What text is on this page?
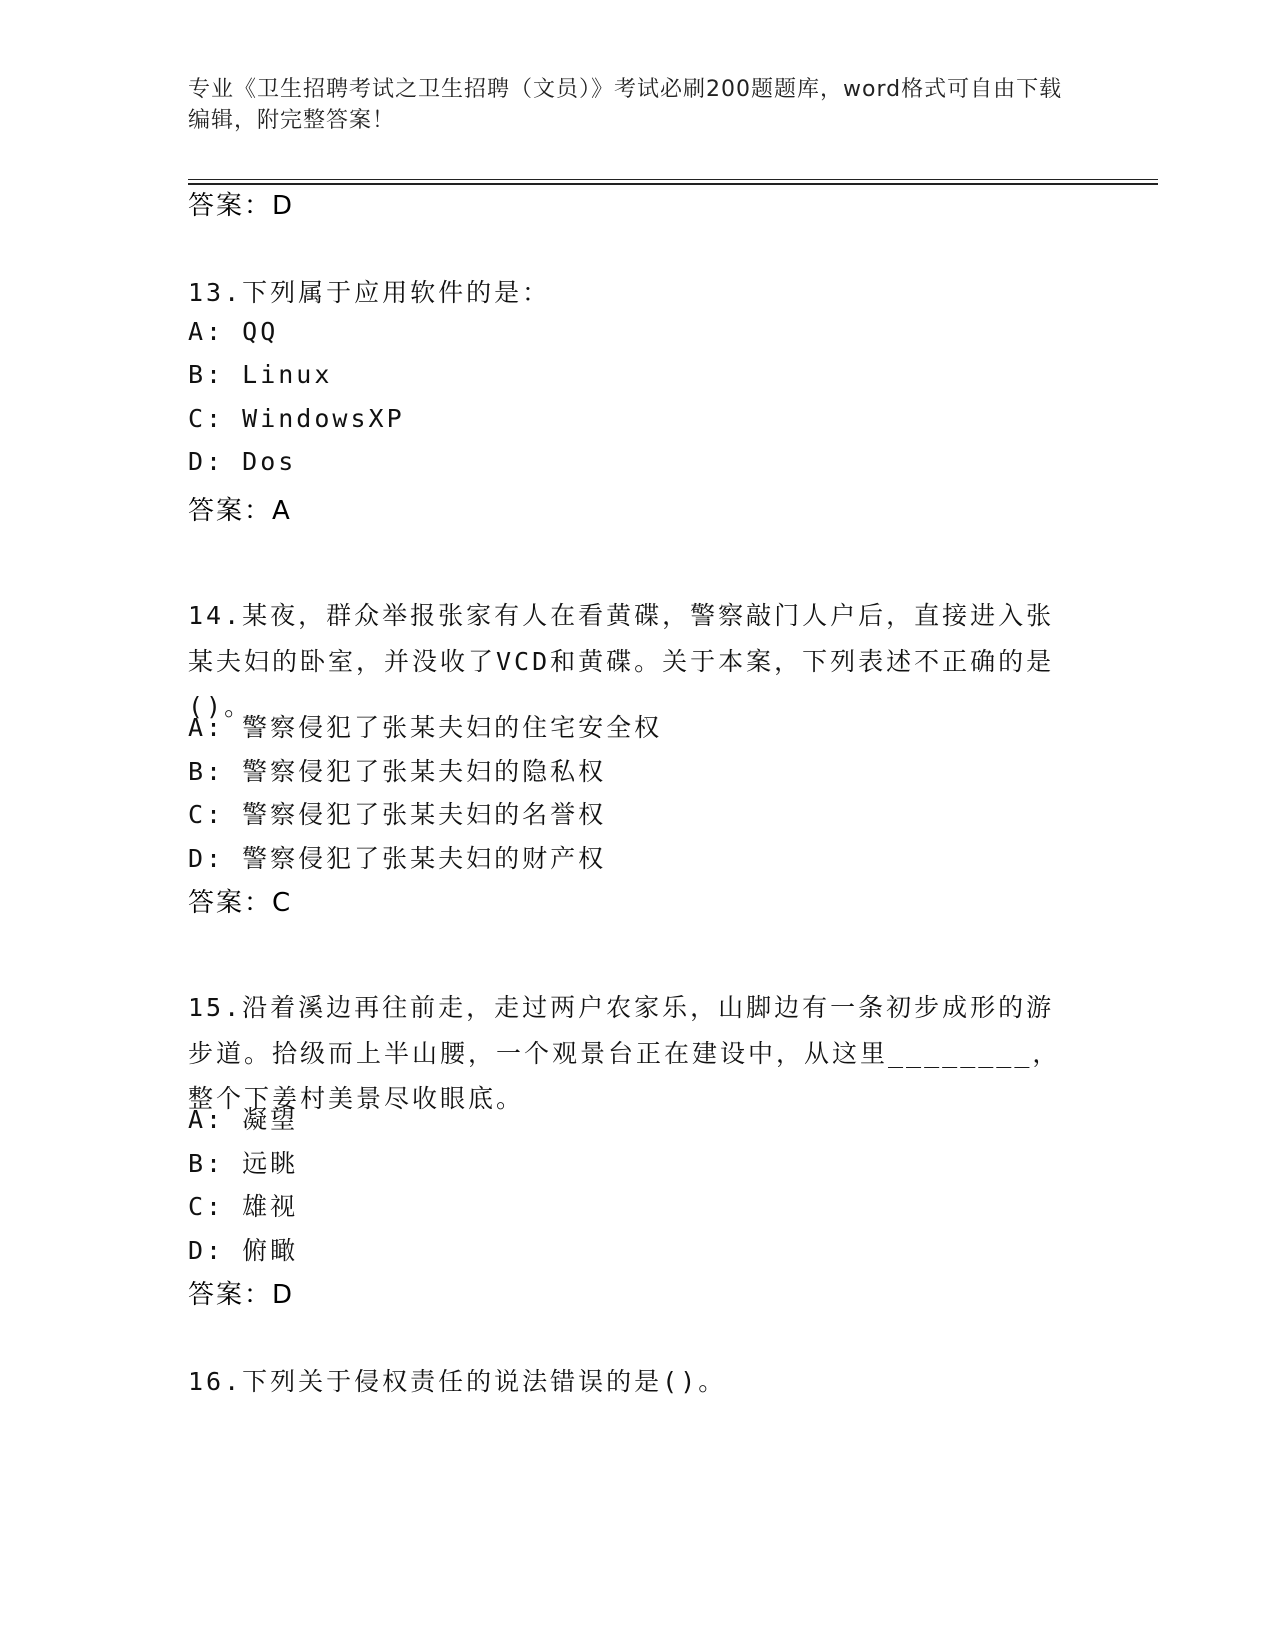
专业《卫生招聘考试之卫生招聘（文员）》考试必刷200题题库，word格式可自由下载编辑，附完整答案！
答案：D
13.下列属于应用软件的是：
A: QQ
B: Linux
C: WindowsXP
D: Dos
答案：A
14.某夜，群众举报张家有人在看黄碟，警察敲门人户后，直接进入张某夫妇的卧室，并没收了VCD和黄碟。关于本案，下列表述不正确的是()。
A: 警察侵犯了张某夫妇的住宅安全权
B: 警察侵犯了张某夫妇的隐私权
C: 警察侵犯了张某夫妇的名誉权
D: 警察侵犯了张某夫妇的财产权
答案：C
15.沿着溪边再往前走，走过两户农家乐，山脚边有一条初步成形的游步道。拾级而上半山腰，一个观景台正在建设中，从这里________，整个下姜村美景尽收眼底。
A: 凝望
B: 远眺
C: 雄视
D: 俯瞰
答案：D
16.下列关于侵权责任的说法错误的是()。
